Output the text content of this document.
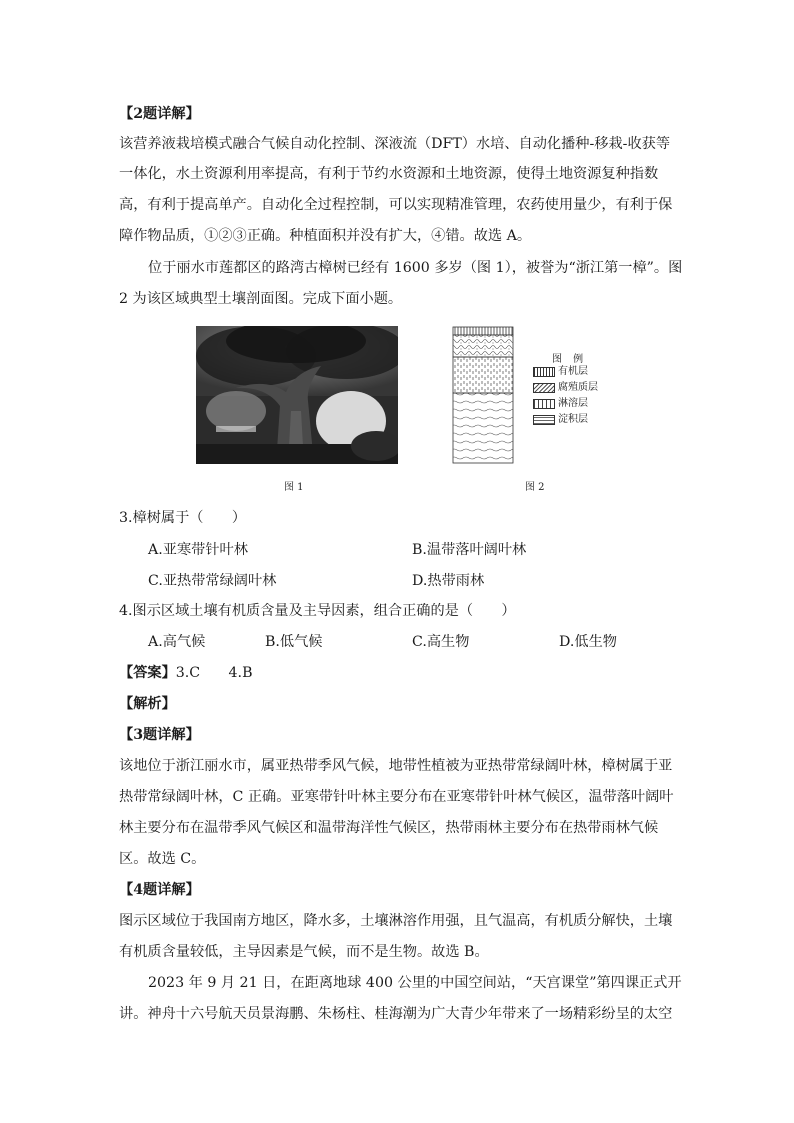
【2题详解】
该营养液栽培模式融合气候自动化控制、深液流（DFT）水培、自动化播种-移栽-收获等
一体化，水土资源利用率提高，有利于节约水资源和土地资源，使得土地资源复种指数
高，有利于提高单产。自动化全过程控制，可以实现精准管理，农药使用量少，有利于保
障作物品质，①②③正确。种植面积并没有扩大，④错。故选 A。
位于丽水市莲都区的路湾古樟树已经有 1600 多岁（图 1），被誉为“浙江第一樟”。图
2 为该区域典型土壤剖面图。完成下面小题。
图 例
有机层
腐殖质层
淋溶层
淀积层
图 1	图 2
3.樟树属于（　　）
A.亚寒带针叶林	B.温带落叶阔叶林
C.亚热带常绿阔叶林	D.热带雨林
4.图示区域土壤有机质含量及主导因素，组合正确的是（　　）
A.高气候	B.低气候	C.高生物	D.低生物
【答案】3.C　　4.B
【解析】
【3题详解】
该地位于浙江丽水市，属亚热带季风气候，地带性植被为亚热带常绿阔叶林，樟树属于亚
热带常绿阔叶林，C 正确。亚寒带针叶林主要分布在亚寒带针叶林气候区，温带落叶阔叶
林主要分布在温带季风气候区和温带海洋性气候区，热带雨林主要分布在热带雨林气候
区。故选 C。
【4题详解】
图示区域位于我国南方地区，降水多，土壤淋溶作用强，且气温高，有机质分解快，土壤
有机质含量较低，主导因素是气候，而不是生物。故选 B。
2023 年 9 月 21 日，在距离地球 400 公里的中国空间站，“天宫课堂”第四课正式开
讲。神舟十六号航天员景海鹏、朱杨柱、桂海潮为广大青少年带来了一场精彩纷呈的太空
